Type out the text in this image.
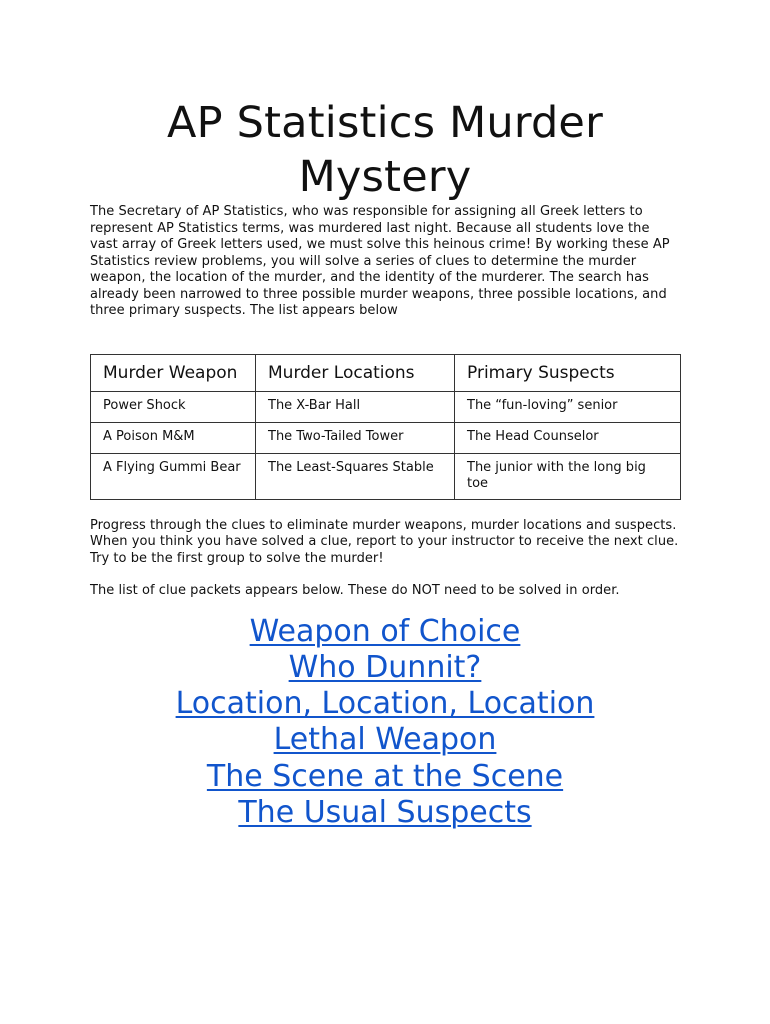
AP Statistics Murder Mystery

The Secretary of AP Statistics, who was responsible for assigning all Greek letters to represent AP Statistics terms, was murdered last night. Because all students love the vast array of Greek letters used, we must solve this heinous crime! By working these AP Statistics review problems, you will solve a series of clues to determine the murder weapon, the location of the murder, and the identity of the murderer. The search has already been narrowed to three possible murder weapons, three possible locations, and three primary suspects. The list appears below

Murder Weapon	Murder Locations	Primary Suspects
Power Shock	The X-Bar Hall	The “fun-loving” senior
A Poison M&M	The Two-Tailed Tower	The Head Counselor
A Flying Gummi Bear	The Least-Squares Stable	The junior with the long big toe

Progress through the clues to eliminate murder weapons, murder locations and suspects. When you think you have solved a clue, report to your instructor to receive the next clue. Try to be the first group to solve the murder!

The list of clue packets appears below. These do NOT need to be solved in order.

Weapon of Choice
Who Dunnit?
Location, Location, Location
Lethal Weapon
The Scene at the Scene
The Usual Suspects
